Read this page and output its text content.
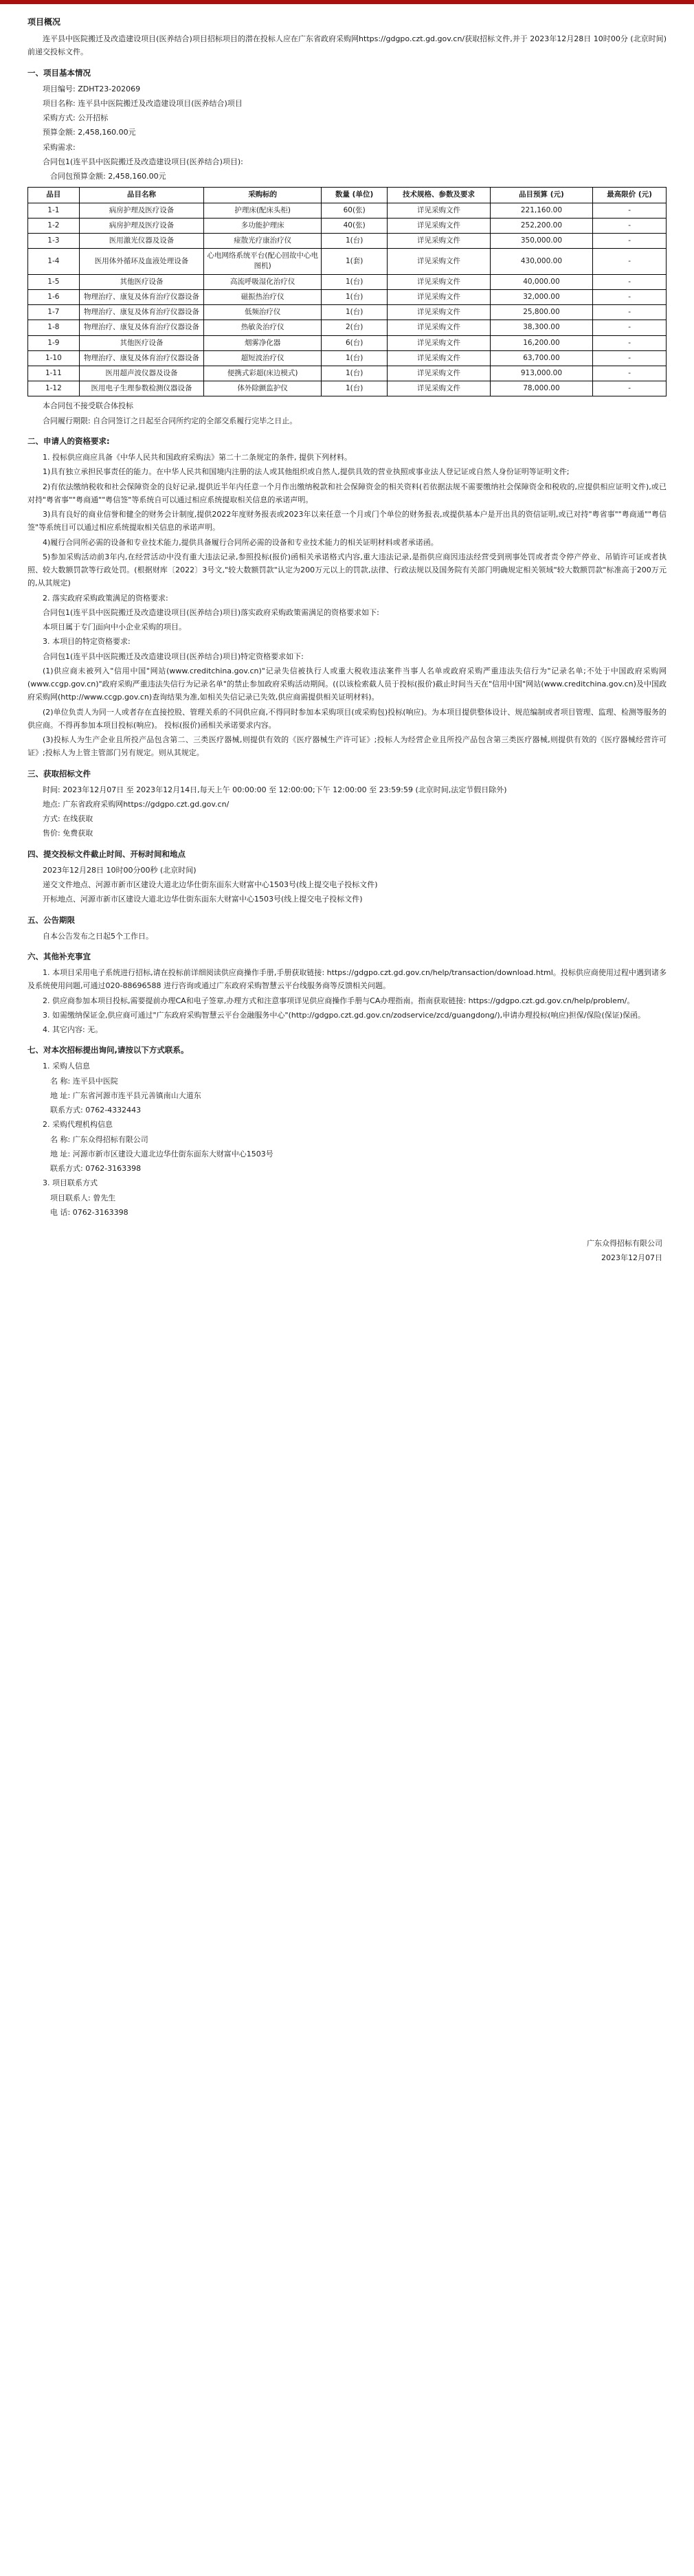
项目概况

连平县中医院搬迁及改造建设项目(医养结合)项目招标项目的潜在投标人应在广东省政府采购网https://gdgpo.czt.gd.gov.cn/获取招标文件,并于 2023年12月28日 10时00分 (北京时间) 前递交投标文件。

一、项目基本情况

项目编号: ZDHT23-202069

项目名称: 连平县中医院搬迁及改造建设项目(医养结合)项目

采购方式: 公开招标

预算金额: 2,458,160.00元

采购需求:

合同包1(连平县中医院搬迁及改造建设项目(医养结合)项目):

合同包预算金额: 2,458,160.00元

品目	品目名称	采购标的	数量 (单位)	技术规格、参数及要求	品目预算 (元)	最高限价 (元)
1-1	病房护理及医疗设备	护理床(配床头柜)	60(张)	详见采购文件	221,160.00	-
1-2	病房护理及医疗设备	多功能护理床	40(张)	详见采购文件	252,200.00	-
1-3	医用激光仪器及设备	痖散光疗康治疗仪	1(台)	详见采购文件	350,000.00	-
1-4	医用体外循环及血液处理设备	心电网络系统平台(配心回故中心电图机)	1(套)	详见采购文件	430,000.00	-
1-5	其他医疗设备	高流呼吸湿化治疗仪	1(台)	详见采购文件	40,000.00	-
1-6	物理治疗、康复及体育治疗仪器设备	磁振热治疗仪	1(台)	详见采购文件	32,000.00	-
1-7	物理治疗、康复及体育治疗仪器设备	低频治疗仪	1(台)	详见采购文件	25,800.00	-
1-8	物理治疗、康复及体育治疗仪器设备	热敏灸治疗仪	2(台)	详见采购文件	38,300.00	-
1-9	其他医疗设备	烟雾净化器	6(台)	详见采购文件	16,200.00	-
1-10	物理治疗、康复及体育治疗仪器设备	超短波治疗仪	1(台)	详见采购文件	63,700.00	-
1-11	医用超声波仪器及设备	便携式彩超(床边模式)	1(台)	详见采购文件	913,000.00	-
1-12	医用电子生理参数检测仪器设备	体外除颤监护仪	1(台)	详见采购文件	78,000.00	-

本合同包不接受联合体投标

合同履行期限: 自合同签订之日起至合同所约定的全部交系履行完毕之日止。

二、申请人的资格要求:

1. 投标供应商应具备《中华人民共和国政府采购法》第二十二条规定的条件, 提供下列材料。

1)具有独立承担民事责任的能力。在中华人民共和国境内注册的法人或其他组织或自然人,提供具效的营业执照或事业法人登记证或自然人身份证明等证明文件;

2)有依法缴纳税收和社会保障资金的良好记录,提供近半年内任意一个月作出缴纳税款和社会保障资金的相关资料(若依据法规不需要缴纳社会保障资金和税收的,应提供相应证明文件),或已对持"粤省事""粤商通""粤信签"等系统自可以通过相应系统提取相关信息的承诺声明。

3)具有良好的商业信誉和健全的财务会计制度,提供2022年度财务报表或2023年以来任意一个月或门个单位的财务报表,或提供基本户是开出具的资信证明,或已对持"粤省事""粤商通""粤信签"等系统目可以通过相应系统提取相关信息的承诺声明。

4)履行合同所必需的设备和专业技术能力,提供具备履行合同所必需的设备和专业技术能力的相关证明材料或者承诺函。

5)参加采购活动前3年内,在经营活动中没有重大违法记录,参照投标(报价)函相关承诺格式内容,重大违法记录,是指供应商因违法经营受到刑事处罚或者责令停产停业、吊销许可证或者执照、较大数额罚款等行政处罚。(根据财库〔2022〕3号文,"较大数额罚款"认定为200万元以上的罚款,法律、行政法规以及国务院有关部门明确规定相关领域"较大数额罚款"标准高于200万元的,从其规定)

2. 落实政府采购政策满足的资格要求:

合同包1(连平县中医院搬迁及改造建设项目(医养结合)项目)落实政府采购政策需满足的资格要求如下:

本项目属于专门面向中小企业采购的项目。

3. 本项目的特定资格要求:

合同包1(连平县中医院搬迁及改造建设项目(医养结合)项目)特定资格要求如下:

(1)供应商未被列入"信用中国"网站(www.creditchina.gov.cn)"记录失信被执行人或重大税收违法案件当事人名单或政府采购严重违法失信行为"记录名单;不处于中国政府采购网(www.ccgp.gov.cn)"政府采购严重违法失信行为记录名单"的禁止参加政府采购活动期间。((以该检索截人员于投标(报价)截止时间当天在"信用中国"网站(www.creditchina.gov.cn)及中国政府采购网(http://www.ccgp.gov.cn)查询结果为准,如相关失信记录已失效,供应商需提供相关证明材料)。

(2)单位负责人为同一人或者存在直接控股、管理关系的不同供应商,不得同时参加本采购项目(或采购包)投标(响应)。为本项目提供整体设计、规范编制或者项目管理、监理、检测等服务的供应商。不得再参加本项目投标(响应)。 投标(报价)函相关承诺要求内容。

(3)投标人为生产企业且所投产品包含第二、三类医疗器械,则提供有效的《医疗器械生产许可证》;投标人为经营企业且所投产品包含第三类医疗器械,则提供有效的《医疗器械经营许可证》;投标人为上管主管部门另有规定。则从其规定。

三、获取招标文件

时间: 2023年12月07日 至 2023年12月14日,每天上午 00:00:00 至 12:00:00;下午 12:00:00 至 23:59:59 (北京时间,法定节假日除外)

地点: 广东省政府采购网https://gdgpo.czt.gd.gov.cn/

方式: 在线获取

售价: 免费获取

四、提交投标文件截止时间、开标时间和地点

2023年12月28日 10时00分00秒 (北京时间)

递交文件地点、河源市新市区建设大道北边华仕街东面东大财富中心1503号(线上提交电子投标文件)

开标地点、河源市新市区建设大道北边华仕街东面东大财富中心1503号(线上提交电子投标文件)

五、公告期限

自本公告发布之日起5个工作日。

六、其他补充事宜

1. 本项目采用电子系统进行招标,请在投标前详细阅读供应商操作手册,手册获取链接: https://gdgpo.czt.gd.gov.cn/help/transaction/download.html。投标供应商使用过程中遇到诸多及系统使用问题,可通过020-88696588 进行咨询或通过广东政府采购智慧云平台线服务商等反馈相关问题。

2. 供应商参加本项目投标,需要提前办理CA和电子签章,办理方式和注意事项详见供应商操作手册与CA办理指南。指南获取链接: https://gdgpo.czt.gd.gov.cn/help/problem/。

3. 如需缴纳保证金,供应商可通过"广东政府采购智慧云平台金融服务中心"(http://gdgpo.czt.gd.gov.cn/zodservice/zcd/guangdong/),申请办理投标(响应)担保/保险(保证)保函。

4. 其它内容: 无。

七、对本次招标提出询问,请按以下方式联系。

1. 采购人信息

名 称: 连平县中医院

地 址: 广东省河源市连平县元善镇南山大道东

联系方式: 0762-4332443

2. 采购代理机构信息

名 称: 广东众得招标有限公司

地 址: 河源市新市区建设大道北边华仕街东面东大财富中心1503号

联系方式: 0762-3163398

3. 项目联系方式

项目联系人: 曾先生

电 话: 0762-3163398

广东众得招标有限公司
2023年12月07日
